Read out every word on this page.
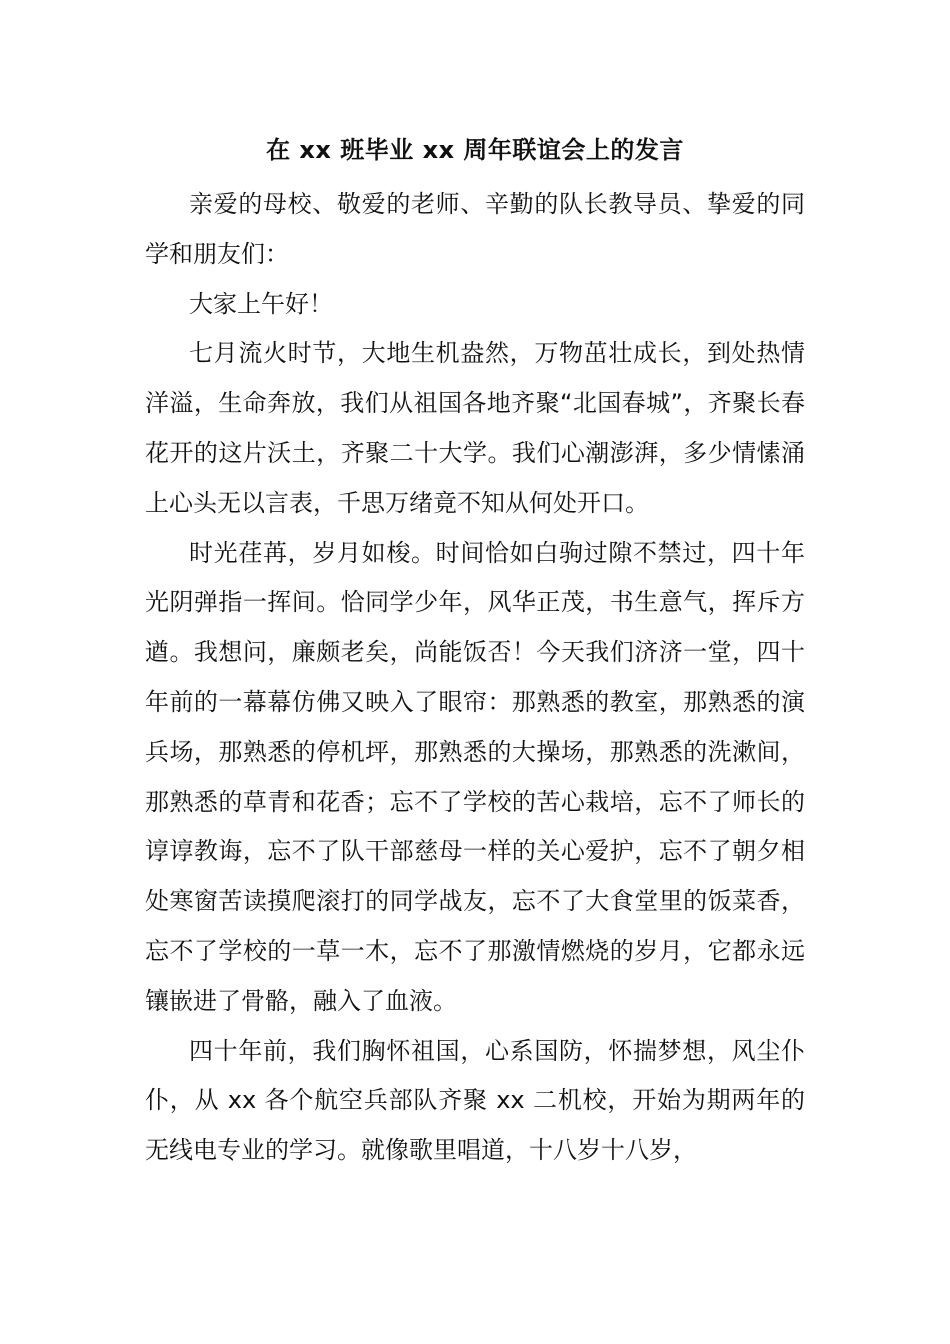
在 xx 班毕业 xx 周年联谊会上的发言

亲爱的母校、敬爱的老师、辛勤的队长教导员、挚爱的同学和朋友们：

大家上午好！

七月流火时节，大地生机盎然，万物茁壮成长，到处热情洋溢，生命奔放，我们从祖国各地齐聚“北国春城”，齐聚长春花开的这片沃土，齐聚二十大学。我们心潮澎湃，多少情愫涌上心头无以言表，千思万绪竟不知从何处开口。

时光荏苒，岁月如梭。时间恰如白驹过隙不禁过，四十年光阴弹指一挥间。恰同学少年，风华正茂，书生意气，挥斥方遒。我想问，廉颇老矣，尚能饭否！今天我们济济一堂，四十年前的一幕幕仿佛又映入了眼帘：那熟悉的教室，那熟悉的演兵场，那熟悉的停机坪，那熟悉的大操场，那熟悉的洗漱间，那熟悉的草青和花香；忘不了学校的苦心栽培，忘不了师长的谆谆教诲，忘不了队干部慈母一样的关心爱护，忘不了朝夕相处寒窗苦读摸爬滚打的同学战友，忘不了大食堂里的饭菜香，忘不了学校的一草一木，忘不了那激情燃烧的岁月，它都永远镶嵌进了骨骼，融入了血液。

四十年前，我们胸怀祖国，心系国防，怀揣梦想，风尘仆仆，从 xx 各个航空兵部队齐聚 xx 二机校，开始为期两年的无线电专业的学习。就像歌里唱道，十八岁十八岁，
